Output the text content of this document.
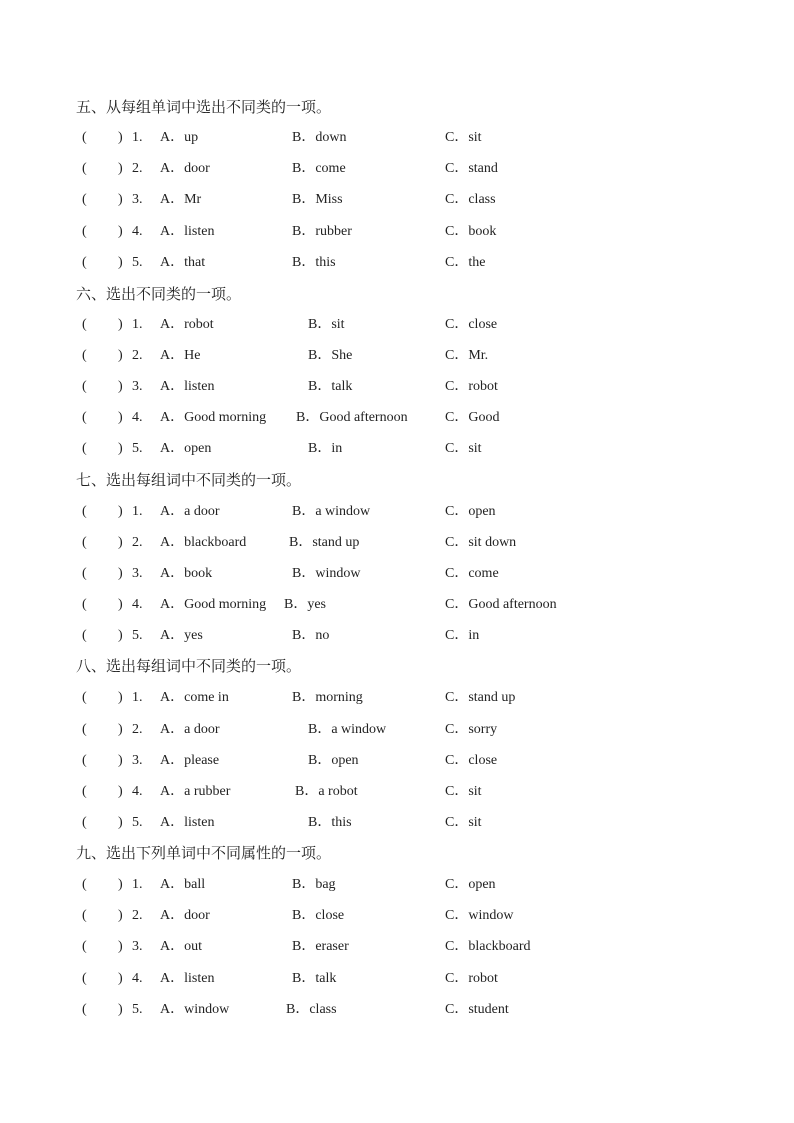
五、从每组单词中选出不同类的一项。
( ) 1. A．up	B．down	C．sit
( ) 2. A．door	B．come	C．stand
( ) 3. A．Mr	B．Miss	C．class
( ) 4. A．listen	B．rubber	C．book
( ) 5. A．that	B．this	C．the
六、选出不同类的一项。
( ) 1. A．robot	B．sit	C．close
( ) 2. A．He	B．She	C．Mr.
( ) 3. A．listen	B．talk	C．robot
( ) 4. A．Good morning B．Good afternoon	C．Good
( ) 5. A．open	B．in	C．sit
七、选出每组词中不同类的一项。
( ) 1. A．a door	B．a window	C．open
( ) 2. A．blackboard	B．stand up	C．sit down
( ) 3. A．book	B．window	C．come
( ) 4. A．Good morning B．yes	C．Good afternoon
( ) 5. A．yes	B．no	C．in
八、选出每组词中不同类的一项。
( ) 1. A．come in	B．morning	C．stand up
( ) 2. A．a door	B．a window	C．sorry
( ) 3. A．please	B．open	C．close
( ) 4. A．a rubber	B．a robot	C．sit
( ) 5. A．listen	B．this	C．sit
九、选出下列单词中不同属性的一项。
( ) 1. A．ball	B．bag	C．open
( ) 2. A．door	B．close	C．window
( ) 3. A．out	B．eraser	C．blackboard
( ) 4. A．listen	B．talk	C．robot
( ) 5. A．window	B．class	C．student
